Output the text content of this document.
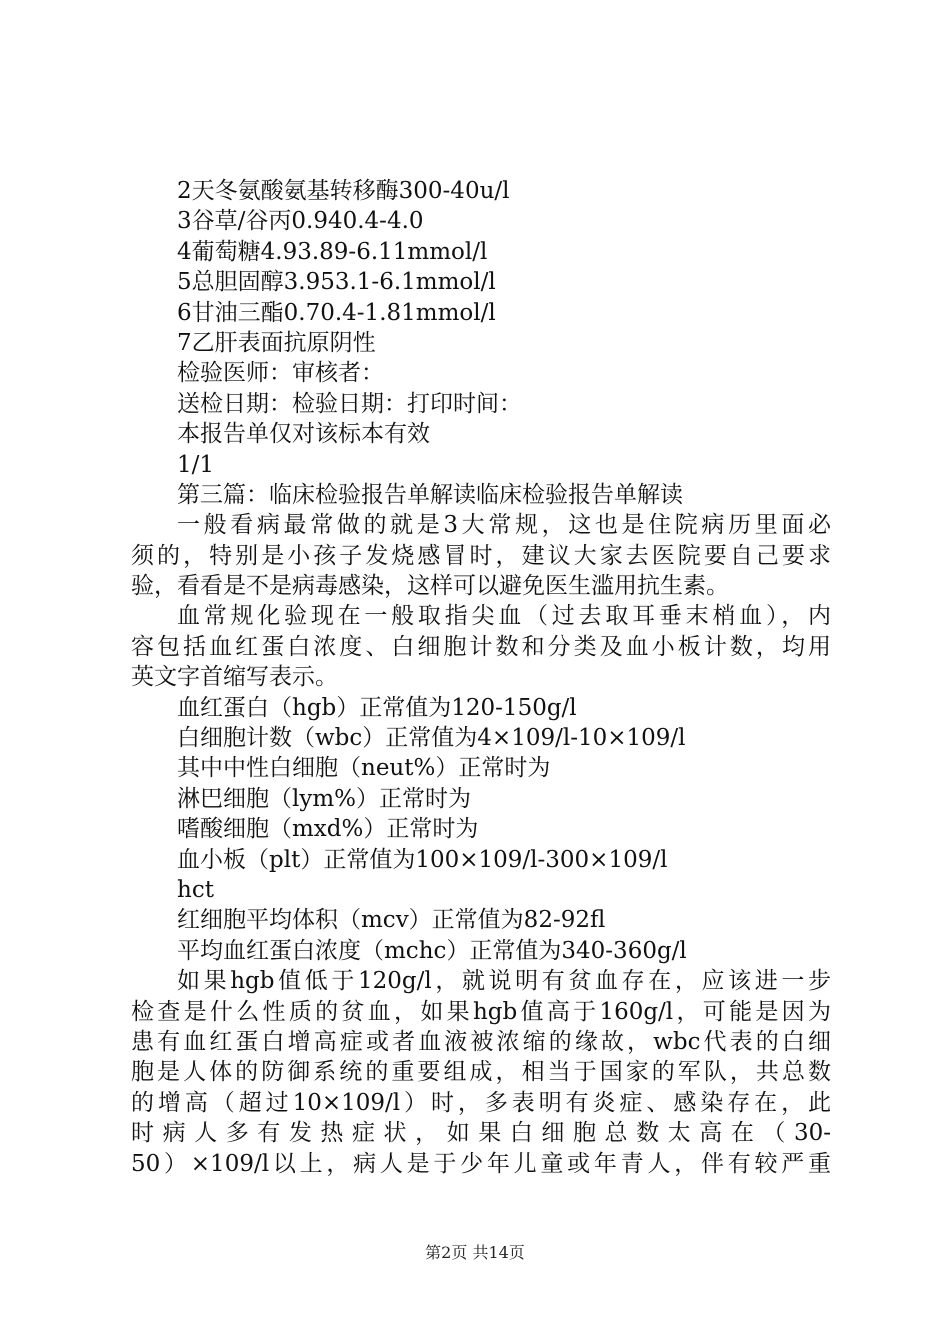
2天冬氨酸氨基转移酶300-40u/l
3谷草/谷丙0.940.4-4.0
4葡萄糖4.93.89-6.11mmol/l
5总胆固醇3.953.1-6.1mmol/l
6甘油三酯0.70.4-1.81mmol/l
7乙肝表面抗原阴性
检验医师：审核者：
送检日期：检验日期：打印时间：
本报告单仅对该标本有效
1/1
第三篇：临床检验报告单解读临床检验报告单解读
一般看病最常做的就是3大常规，这也是住院病历里面必
须的，特别是小孩子发烧感冒时，建议大家去医院要自己要求
验，看看是不是病毒感染，这样可以避免医生滥用抗生素。
血常规化验现在一般取指尖血（过去取耳垂末梢血），内
容包括血红蛋白浓度、白细胞计数和分类及血小板计数，均用
英文字首缩写表示。
血红蛋白（hgb）正常值为120-150g/l
白细胞计数（wbc）正常值为4×109/l-10×109/l
其中中性白细胞（neut%）正常时为
淋巴细胞（lym%）正常时为
嗜酸细胞（mxd%）正常时为
血小板（plt）正常值为100×109/l-300×109/l
hct
红细胞平均体积（mcv）正常值为82-92fl
平均血红蛋白浓度（mchc）正常值为340-360g/l
如果hgb值低于120g/l，就说明有贫血存在，应该进一步
检查是什么性质的贫血，如果hgb值高于160g/l，可能是因为
患有血红蛋白增高症或者血液被浓缩的缘故，wbc代表的白细
胞是人体的防御系统的重要组成，相当于国家的军队，共总数
的增高（超过10×109/l）时，多表明有炎症、感染存在，此
时病人多有发热症状，如果白细胞总数太高在（30-
50）×109/l以上，病人是于少年儿童或年青人，伴有较严重
第2页 共14页
